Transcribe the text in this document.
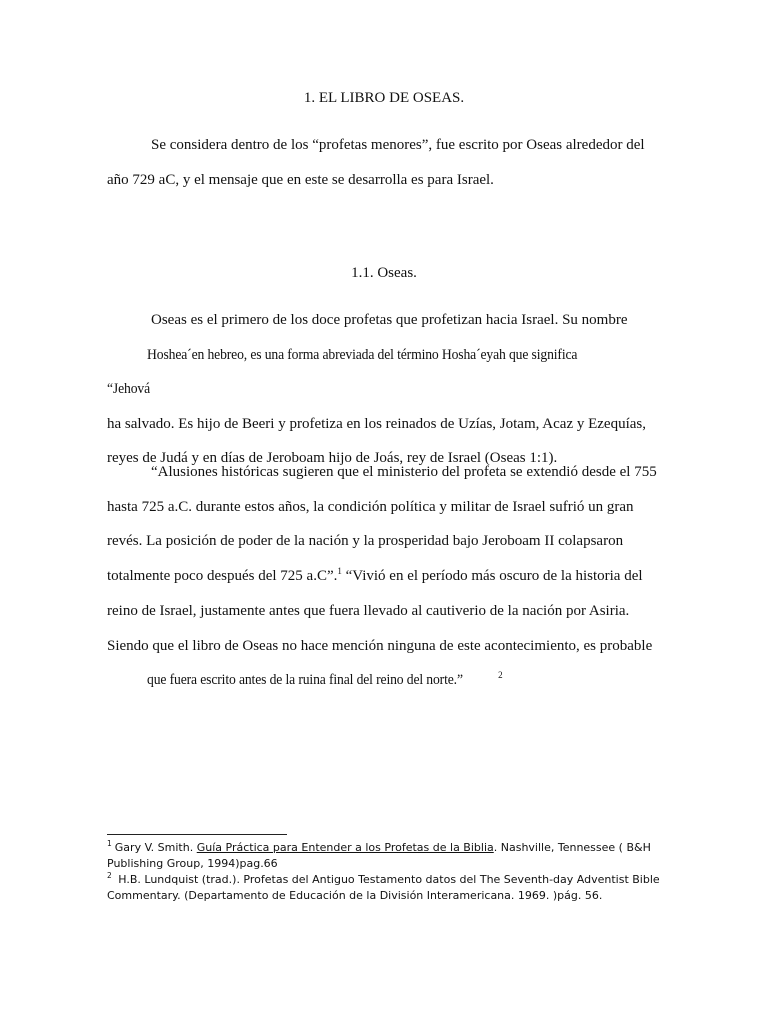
1. EL LIBRO DE OSEAS.

Se considera dentro de los “profetas menores”, fue escrito por Oseas alrededor del año 729 aC, y el mensaje que en este se desarrolla es para Israel.

1.1. Oseas.

Oseas es el primero de los doce profetas que profetizan hacia Israel. Su nombre Hoshea´en hebreo, es una forma abreviada del término Hosha´eyah que significa “Jehová ha salvado. Es hijo de Beeri y profetiza en los reinados de Uzías, Jotam, Acaz y Ezequías, reyes de Judá y en días de Jeroboam hijo de Joás, rey de Israel (Oseas 1:1).

“Alusiones históricas sugieren que el ministerio del profeta se extendió desde el 755 hasta 725 a.C. durante estos años, la condición política y militar de Israel sufrió un gran revés. La posición de poder de la nación y la prosperidad bajo Jeroboam II colapsaron totalmente poco después del 725 a.C”.$^1$ “Vivió en el período más oscuro de la historia del reino de Israel, justamente antes que fuera llevado al cautiverio de la nación por Asiria. Siendo que el libro de Oseas no hace mención ninguna de este acontecimiento, es probable que fuera escrito antes de la ruina final del reino del norte.”	$^2$

$^1$ Gary V. Smith. Guía Práctica para Entender a los Profetas de la Biblia. Nashville, Tennessee ( B&H Publishing Group, 1994)pag.66

$^2$ H.B. Lundquist (trad.). Profetas del Antiguo Testamento datos del The Seventh-day Adventist Bible Commentary. (Departamento de Educación de la División Interamericana. 1969. )pág. 56.
